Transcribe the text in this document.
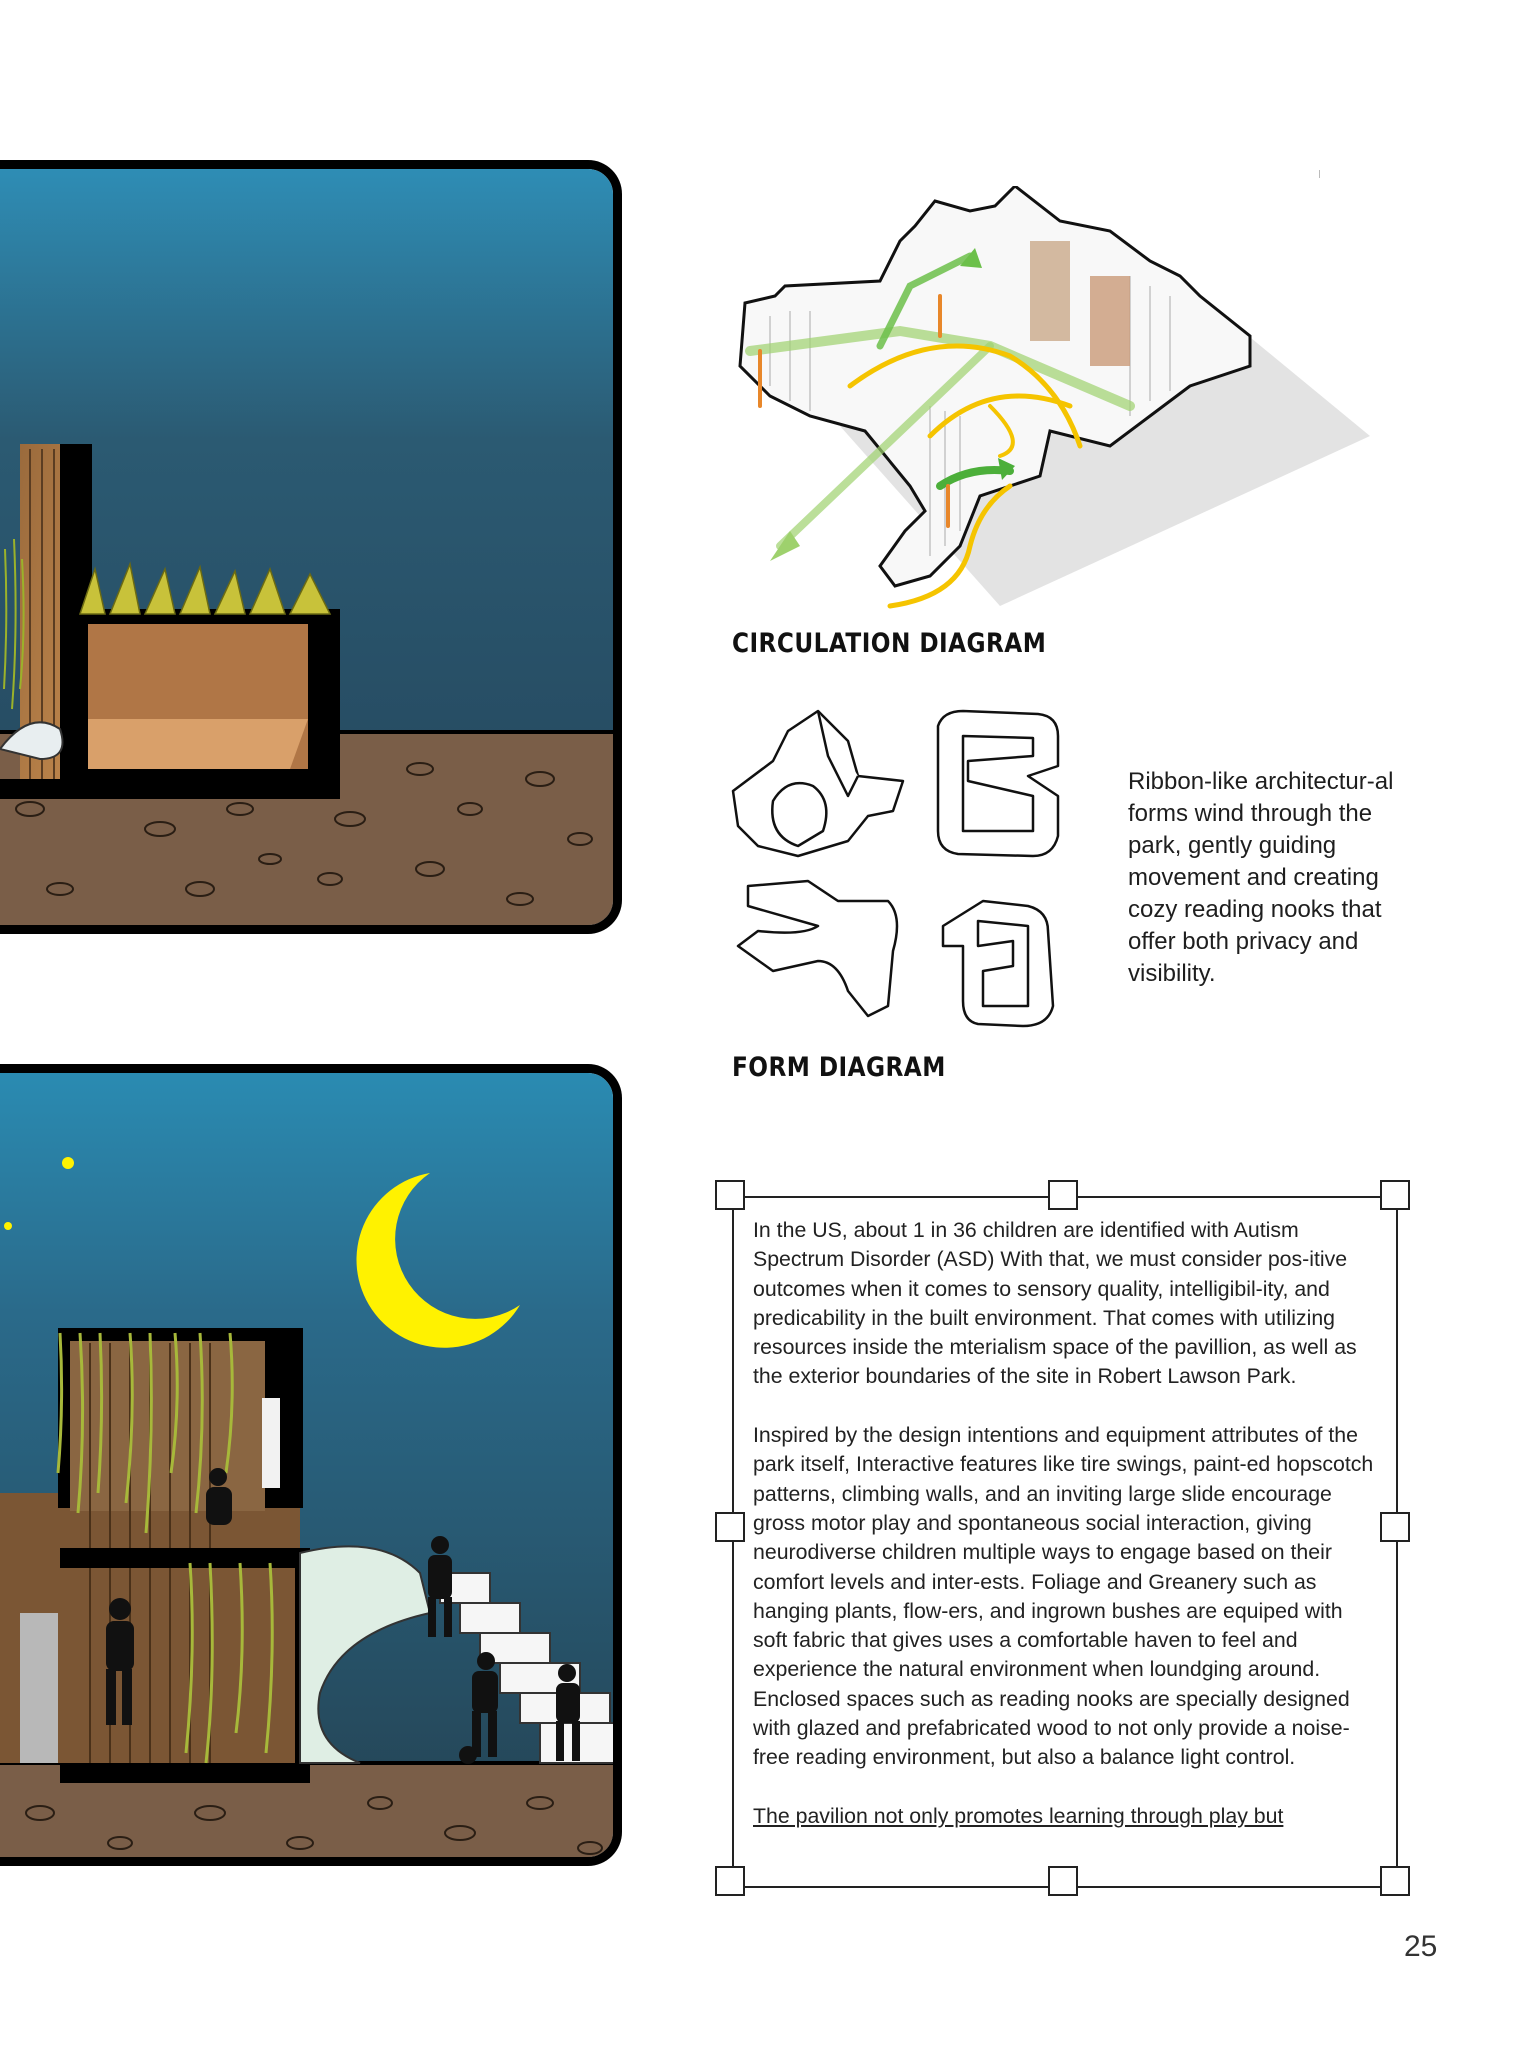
CIRCULATION DIAGRAM
FORM DIAGRAM
Ribbon-like architectur-al forms wind through the park, gently guiding movement and creating cozy reading nooks that offer both privacy and visibility.

In the US, about 1 in 36 children are identified with Autism Spectrum Disorder (ASD) With that, we must consider pos-itive outcomes when it comes to sensory quality, intelligibil-ity, and predicability in the built environment. That comes with utilizing resources inside the mterialism space of the pavillion, as well as the exterior boundaries of the site in Robert Lawson Park.

Inspired by the design intentions and equipment attributes of the park itself, Interactive features like tire swings, paint-ed hopscotch patterns, climbing walls, and an inviting large slide encourage gross motor play and spontaneous social interaction, giving neurodiverse children multiple ways to engage based on their comfort levels and inter-ests. Foliage and Greanery such as hanging plants, flow-ers, and ingrown bushes are equiped with soft fabric that gives uses a comfortable haven to feel and experience the natural environment when loundging around. Enclosed spaces such as reading nooks are specially designed with glazed and prefabricated wood to not only provide a noise-free reading environment, but also a balance light control.

The pavilion not only promotes learning through play but

25
